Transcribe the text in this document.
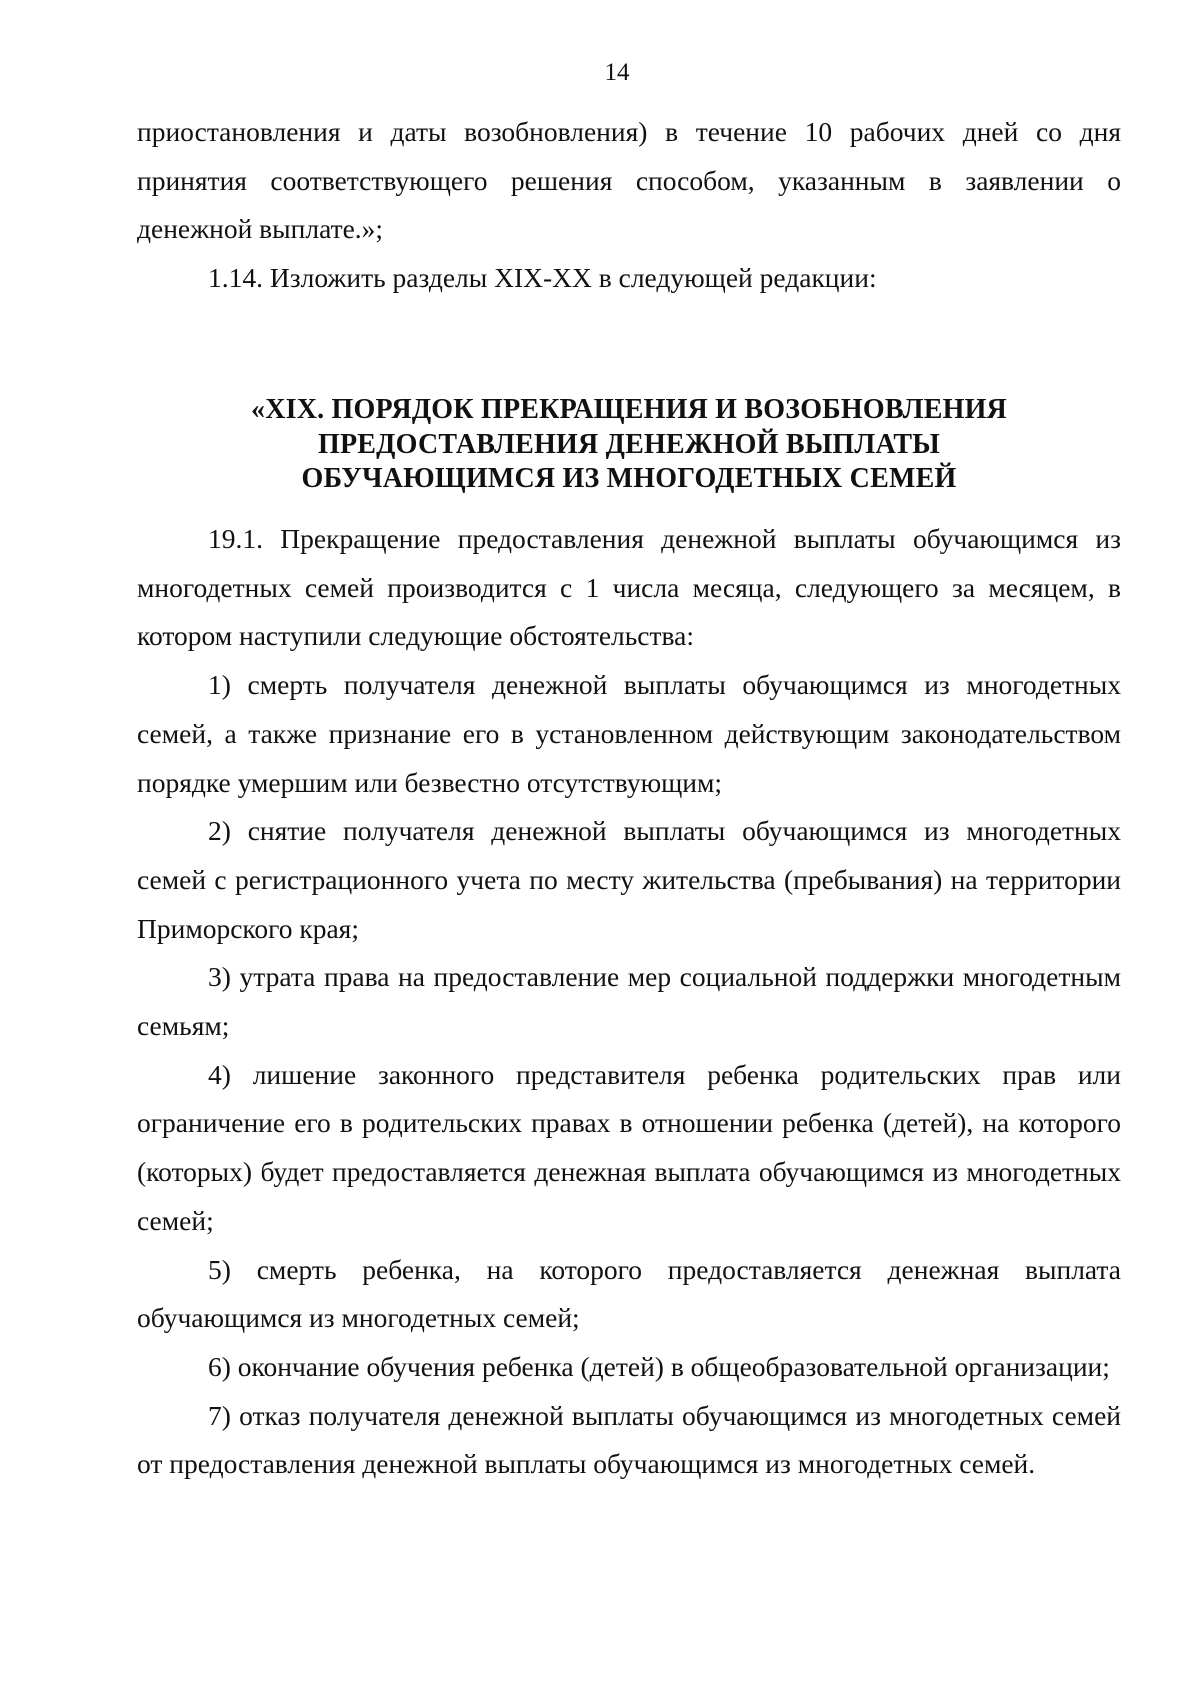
14

приостановления и даты возобновления) в течение 10 рабочих дней со дня
принятия соответствующего решения способом, указанным в заявлении о
денежной выплате.»;

1.14. Изложить разделы XIX-XX в следующей редакции:

«XIX. ПОРЯДОК ПРЕКРАЩЕНИЯ И ВОЗОБНОВЛЕНИЯ
ПРЕДОСТАВЛЕНИЯ ДЕНЕЖНОЙ ВЫПЛАТЫ
ОБУЧАЮЩИМСЯ ИЗ МНОГОДЕТНЫХ СЕМЕЙ

19.1. Прекращение предоставления денежной выплаты обучающимся из многодетных семей производится с 1 числа месяца, следующего за месяцем, в котором наступили следующие обстоятельства:

1) смерть получателя денежной выплаты обучающимся из многодетных семей, а также признание его в установленном действующим законодательством порядке умершим или безвестно отсутствующим;

2) снятие получателя денежной выплаты обучающимся из многодетных семей с регистрационного учета по месту жительства (пребывания) на территории Приморского края;

3) утрата права на предоставление мер социальной поддержки многодетным семьям;

4) лишение законного представителя ребенка родительских прав или ограничение его в родительских правах в отношении ребенка (детей), на которого (которых) будет предоставляется денежная выплата обучающимся из многодетных семей;

5) смерть ребенка, на которого предоставляется денежная выплата обучающимся из многодетных семей;

6) окончание обучения ребенка (детей) в общеобразовательной организации;

7) отказ получателя денежной выплаты обучающимся из многодетных семей от предоставления денежной выплаты обучающимся из многодетных семей.
